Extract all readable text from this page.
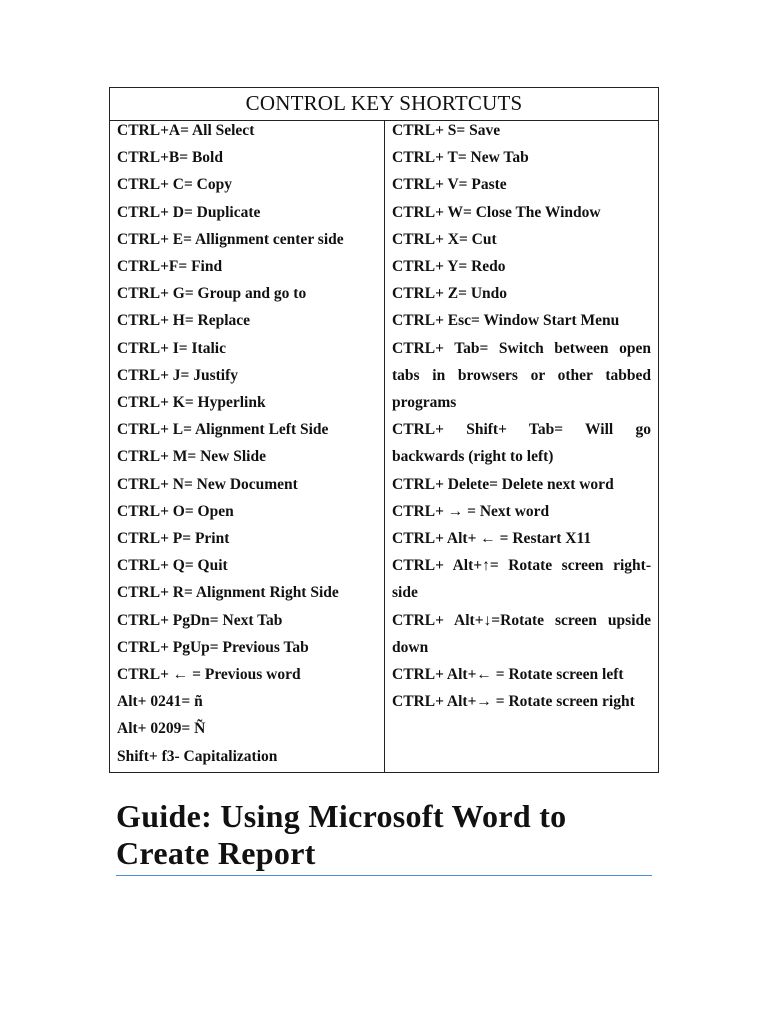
CONTROL KEY SHORTCUTS
CTRL+A= All Select
CTRL+B= Bold
CTRL+ C= Copy
CTRL+ D= Duplicate
CTRL+ E= Allignment center side
CTRL+F= Find
CTRL+ G= Group and go to
CTRL+ H= Replace
CTRL+ I= Italic
CTRL+ J= Justify
CTRL+ K= Hyperlink
CTRL+ L= Alignment Left Side
CTRL+ M= New Slide
CTRL+ N= New Document
CTRL+ O= Open
CTRL+ P= Print
CTRL+ Q= Quit
CTRL+ R= Alignment Right Side
CTRL+ PgDn= Next Tab
CTRL+ PgUp= Previous Tab
CTRL+ ← = Previous word
Alt+ 0241= ñ
Alt+ 0209= Ñ
Shift+ f3- Capitalization
CTRL+ S= Save
CTRL+ T= New Tab
CTRL+ V= Paste
CTRL+ W= Close The Window
CTRL+ X= Cut
CTRL+ Y= Redo
CTRL+ Z= Undo
CTRL+ Esc= Window Start Menu
CTRL+ Tab= Switch between open tabs in browsers or other tabbed programs
CTRL+ Shift+ Tab= Will go backwards (right to left)
CTRL+ Delete= Delete next word
CTRL+ → = Next word
CTRL+ Alt+ ← = Restart X11
CTRL+ Alt+↑= Rotate screen right-side
CTRL+ Alt+↓=Rotate screen upside down
CTRL+ Alt+← = Rotate screen left
CTRL+ Alt+→ = Rotate screen right
Guide: Using Microsoft Word to Create Report
